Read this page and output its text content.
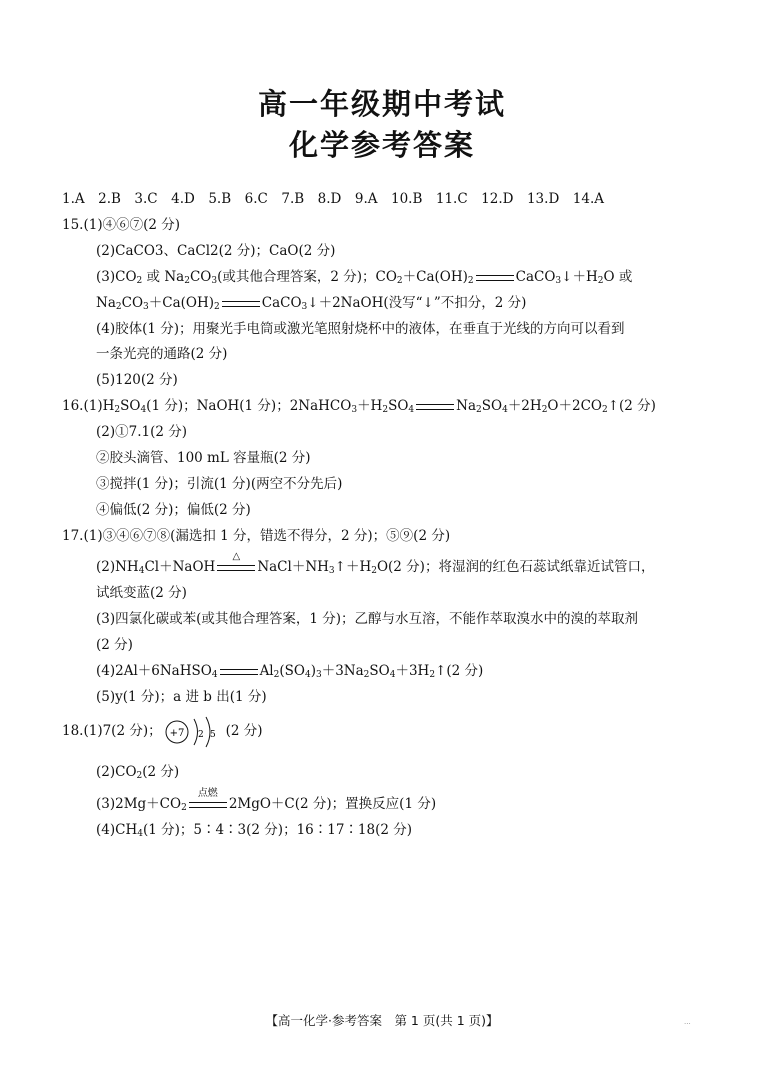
高一年级期中考试
化学参考答案
1.A　2.B　3.C　4.D　5.B　6.C　7.B　8.D　9.A　10.B　11.C　12.D　13.D　14.A
15.(1)④⑥⑦(2 分)
(2)CaCO3、CaCl2(2 分)；CaO(2 分)
$(3)CO_2$ 或 $Na_2CO_3$(或其他合理答案，2 分)；$CO_2+Ca(OH)_2$	$CaCO_3↓+H_2O$ 或
$Na_2CO_3+Ca(OH)_2$	CaCO$_3$↓＋2NaOH(没写“↓”不扣分，2 分)
(4)胶体(1 分)；用聚光手电筒或激光笔照射烧杯中的液体，在垂直于光线的方向可以看到
一条光亮的通路(2 分)
(5)120(2 分)
$16.(1)H_2SO_4(1$ 分)；NaOH(1 分)；$2NaHCO_3+H_2SO_4$	$Na_2SO_4+2H_2O+2CO_2↑(2$ 分)
(2)①7.1(2 分)
②胶头滴管、100 mL 容量瓶(2 分)
③搅拌(1 分)；引流(1 分)(两空不分先后)
④偏低(2 分)；偏低(2 分)
17.(1)③④⑥⑦⑧(漏选扣 1 分，错选不得分，2 分)；⑤⑨(2 分)
$(2)NH_4Cl+NaOH$
△
$NaCl+NH_3↑+H_2O(2$ 分)；将湿润的红色石蕊试纸靠近试管口，
试纸变蓝(2 分)
(3)四氯化碳或苯(或其他合理答案，1 分)；乙醇与水互溶，不能作萃取溴水中的溴的萃取剂
(2 分)
(4)2Al＋6NaHSO$_4$	$Al_2(SO_4)_3+3Na_2SO_4+3H_2↑(2$ 分)
(5)y(1 分)；a 进 b 出(1 分)
18.(1)7(2 分)； +7 2 5 (2 分)
$(2)CO_2(2$ 分)
$(3)2Mg+CO_2$
点燃
2MgO＋C(2 分)；置换反应(1 分)
$(4)CH_4(1$ 分)；5∶4∶3(2 分)；16∶17∶18(2 分)
【高一化学·参考答案　第 1 页(共 1 页)】	...
